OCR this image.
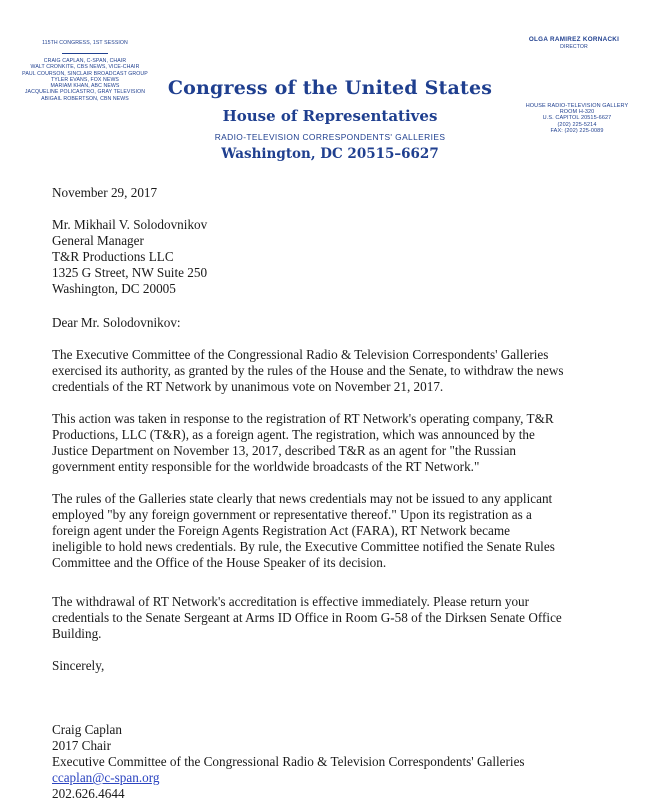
115TH CONGRESS, 1ST SESSION
CRAIG CAPLAN, C-SPAN, CHAIR
WALT CRONKITE, CBS NEWS, VICE-CHAIR
PAUL COURSON, SINCLAIR BROADCAST GROUP
TYLER EVANS, FOX NEWS
MARIAM KHAN, ABC NEWS
JACQUELINE POLICASTRO, GRAY TELEVISION
ABIGAIL ROBERTSON, CBN NEWS
OLGA RAMIREZ KORNACKI
DIRECTOR
HOUSE RADIO-TELEVISION GALLERY
ROOM H-320
U.S. CAPITOL 20515-6627
(202) 225-5214
FAX: (202) 225-0089
Congress of the United States
House of Representatives
RADIO-TELEVISION CORRESPONDENTS' GALLERIES
Washington, DC 20515–6627
November 29, 2017
Mr. Mikhail V. Solodovnikov
General Manager
T&R Productions LLC
1325 G Street, NW Suite 250
Washington, DC 20005
Dear Mr. Solodovnikov:
The Executive Committee of the Congressional Radio & Television Correspondents' Galleries
exercised its authority, as granted by the rules of the House and the Senate, to withdraw the news
credentials of the RT Network by unanimous vote on November 21, 2017.
This action was taken in response to the registration of RT Network's operating company, T&R
Productions, LLC (T&R), as a foreign agent. The registration, which was announced by the
Justice Department on November 13, 2017, described T&R as an agent for "the Russian
government entity responsible for the worldwide broadcasts of the RT Network."
The rules of the Galleries state clearly that news credentials may not be issued to any applicant
employed "by any foreign government or representative thereof." Upon its registration as a
foreign agent under the Foreign Agents Registration Act (FARA), RT Network became
ineligible to hold news credentials. By rule, the Executive Committee notified the Senate Rules
Committee and the Office of the House Speaker of its decision.
The withdrawal of RT Network's accreditation is effective immediately. Please return your
credentials to the Senate Sergeant at Arms ID Office in Room G-58 of the Dirksen Senate Office
Building.
Sincerely,
Craig Caplan
2017 Chair
Executive Committee of the Congressional Radio & Television Correspondents' Galleries
ccaplan@c-span.org
202.626.4644
